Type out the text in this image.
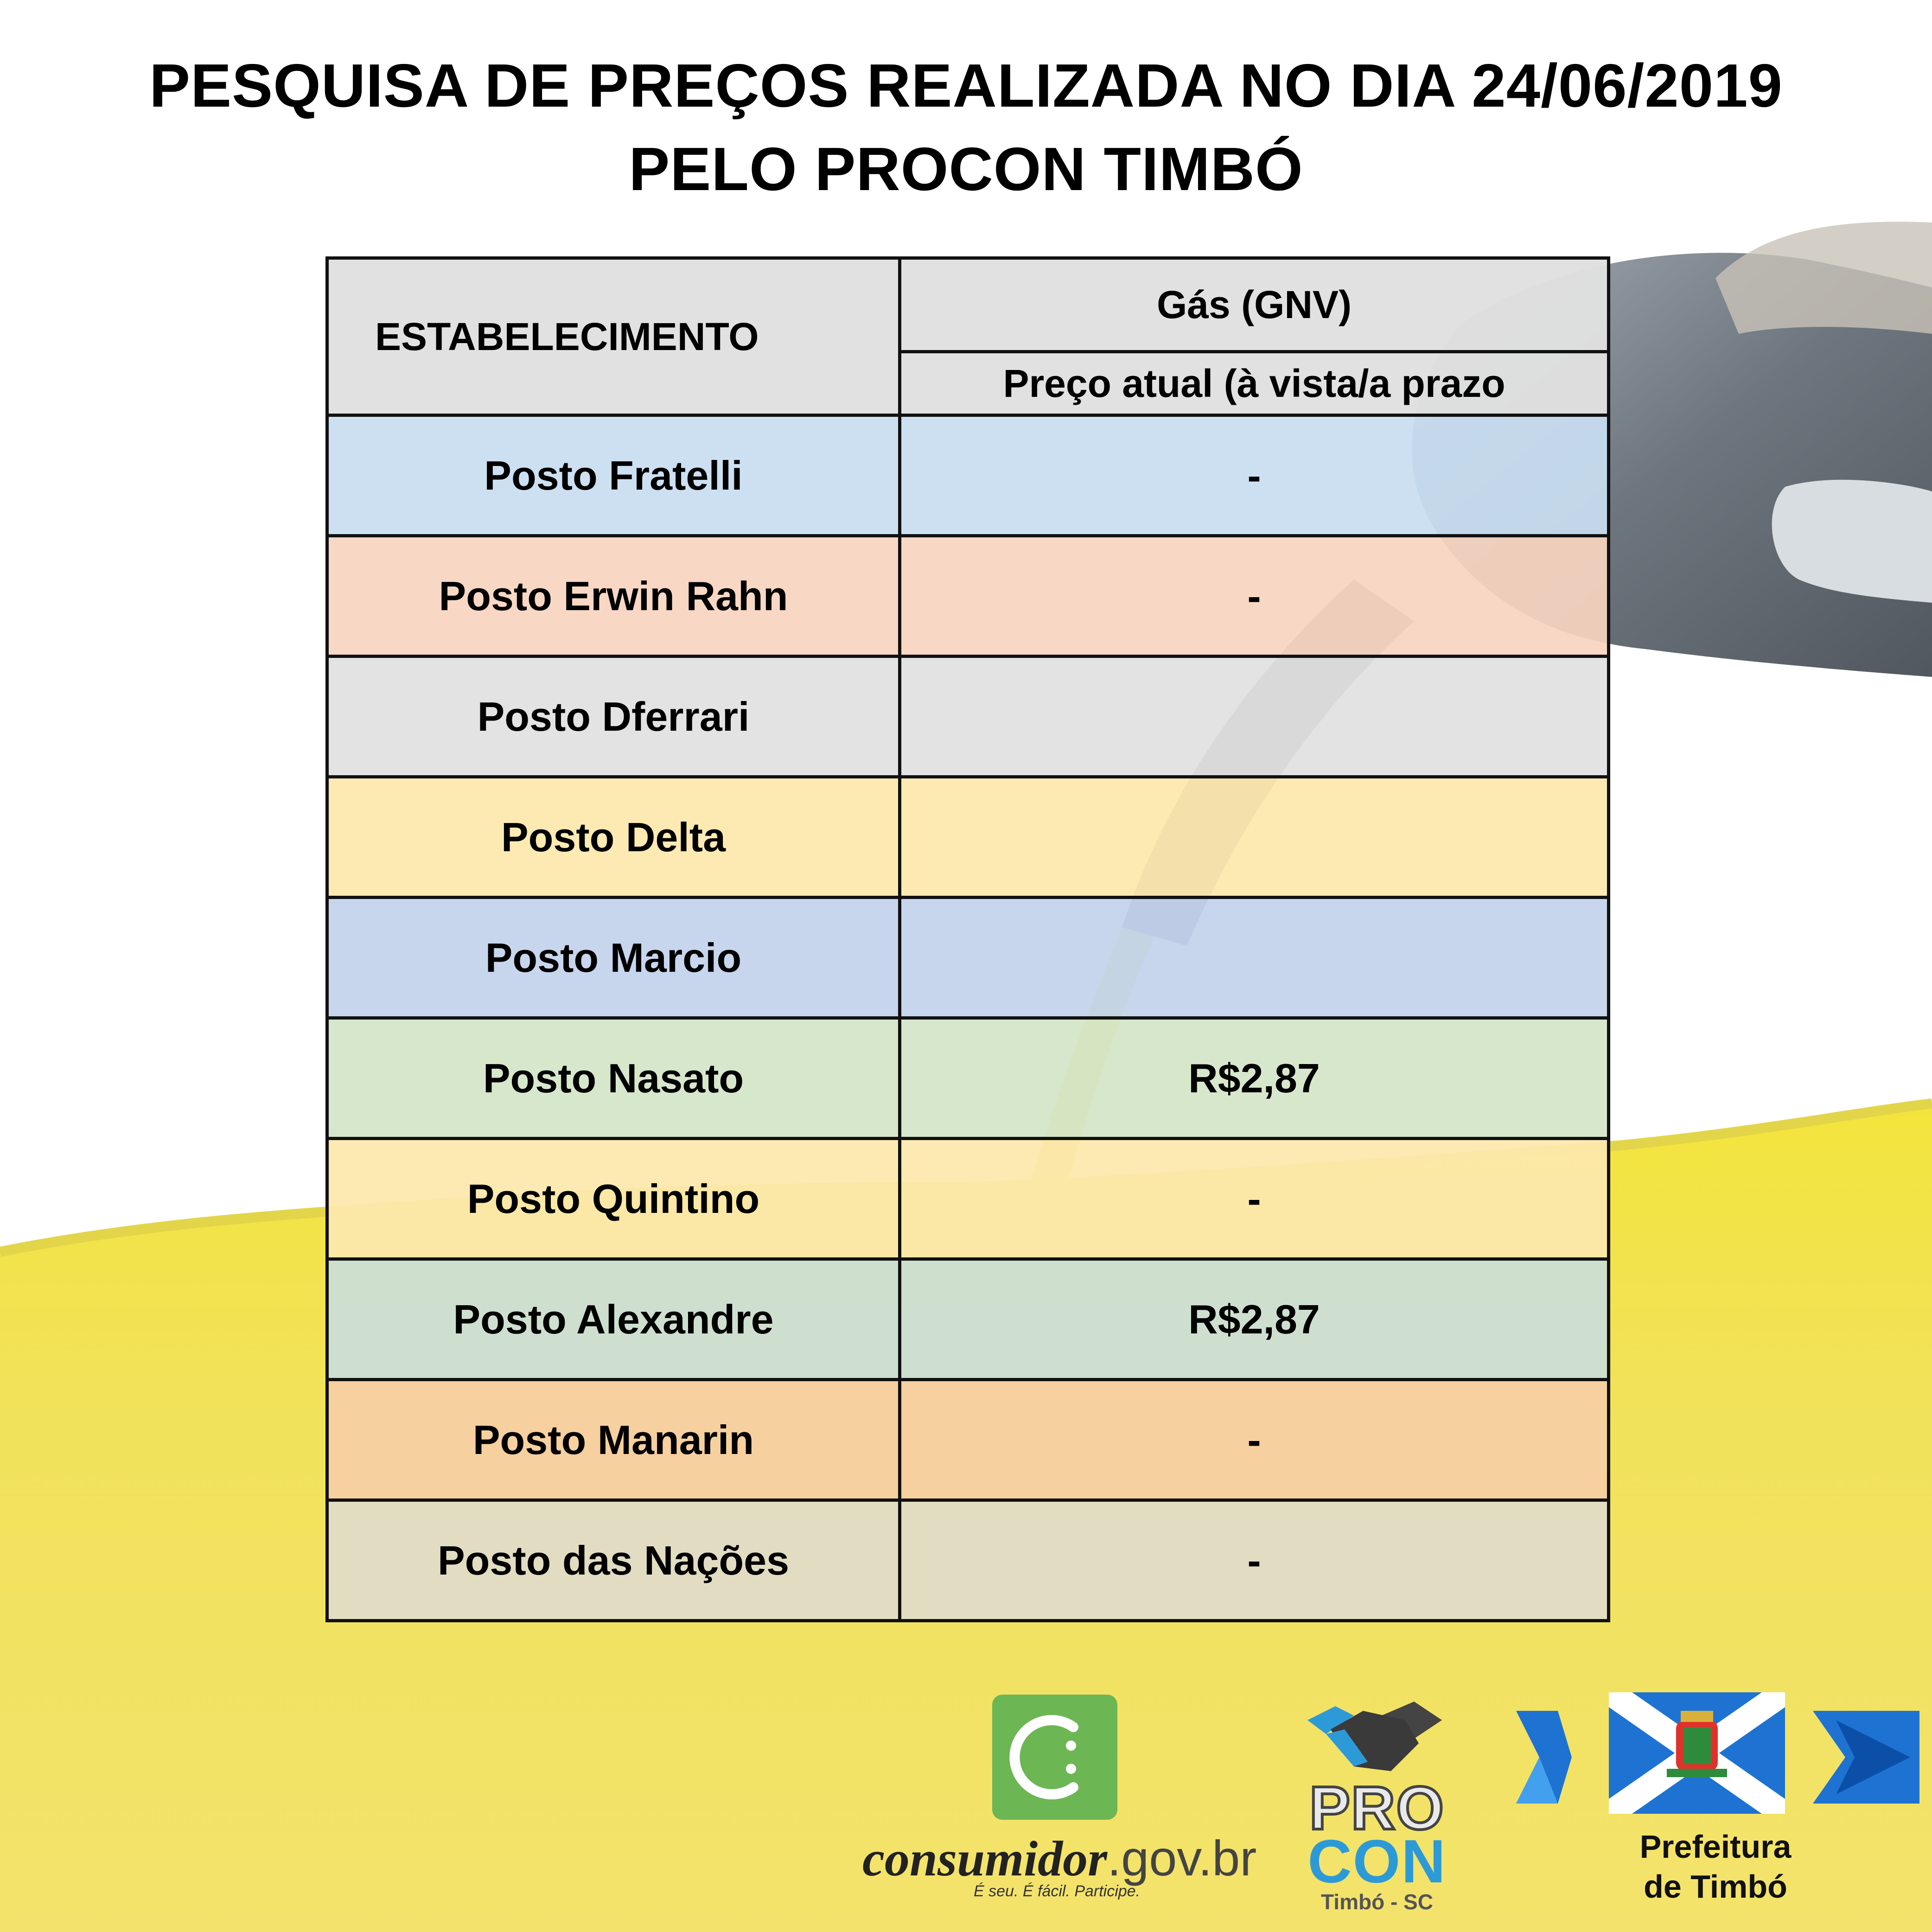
PESQUISA DE PREÇOS REALIZADA NO DIA 24/06/2019
PELO PROCON TIMBÓ
ESTABELECIMENTO	Gás (GNV)
	Preço atual (à vista/a prazo
Posto Fratelli	-
Posto Erwin Rahn	-
Posto Dferrari	
Posto Delta	
Posto Marcio	
Posto Nasato	R$2,87
Posto Quintino	-
Posto Alexandre	R$2,87
Posto Manarin	-
Posto das Nações	-
consumidor.gov.br
É seu. É fácil. Participe.
PRO
CON
Timbó - SC
Prefeitura
de Timbó
